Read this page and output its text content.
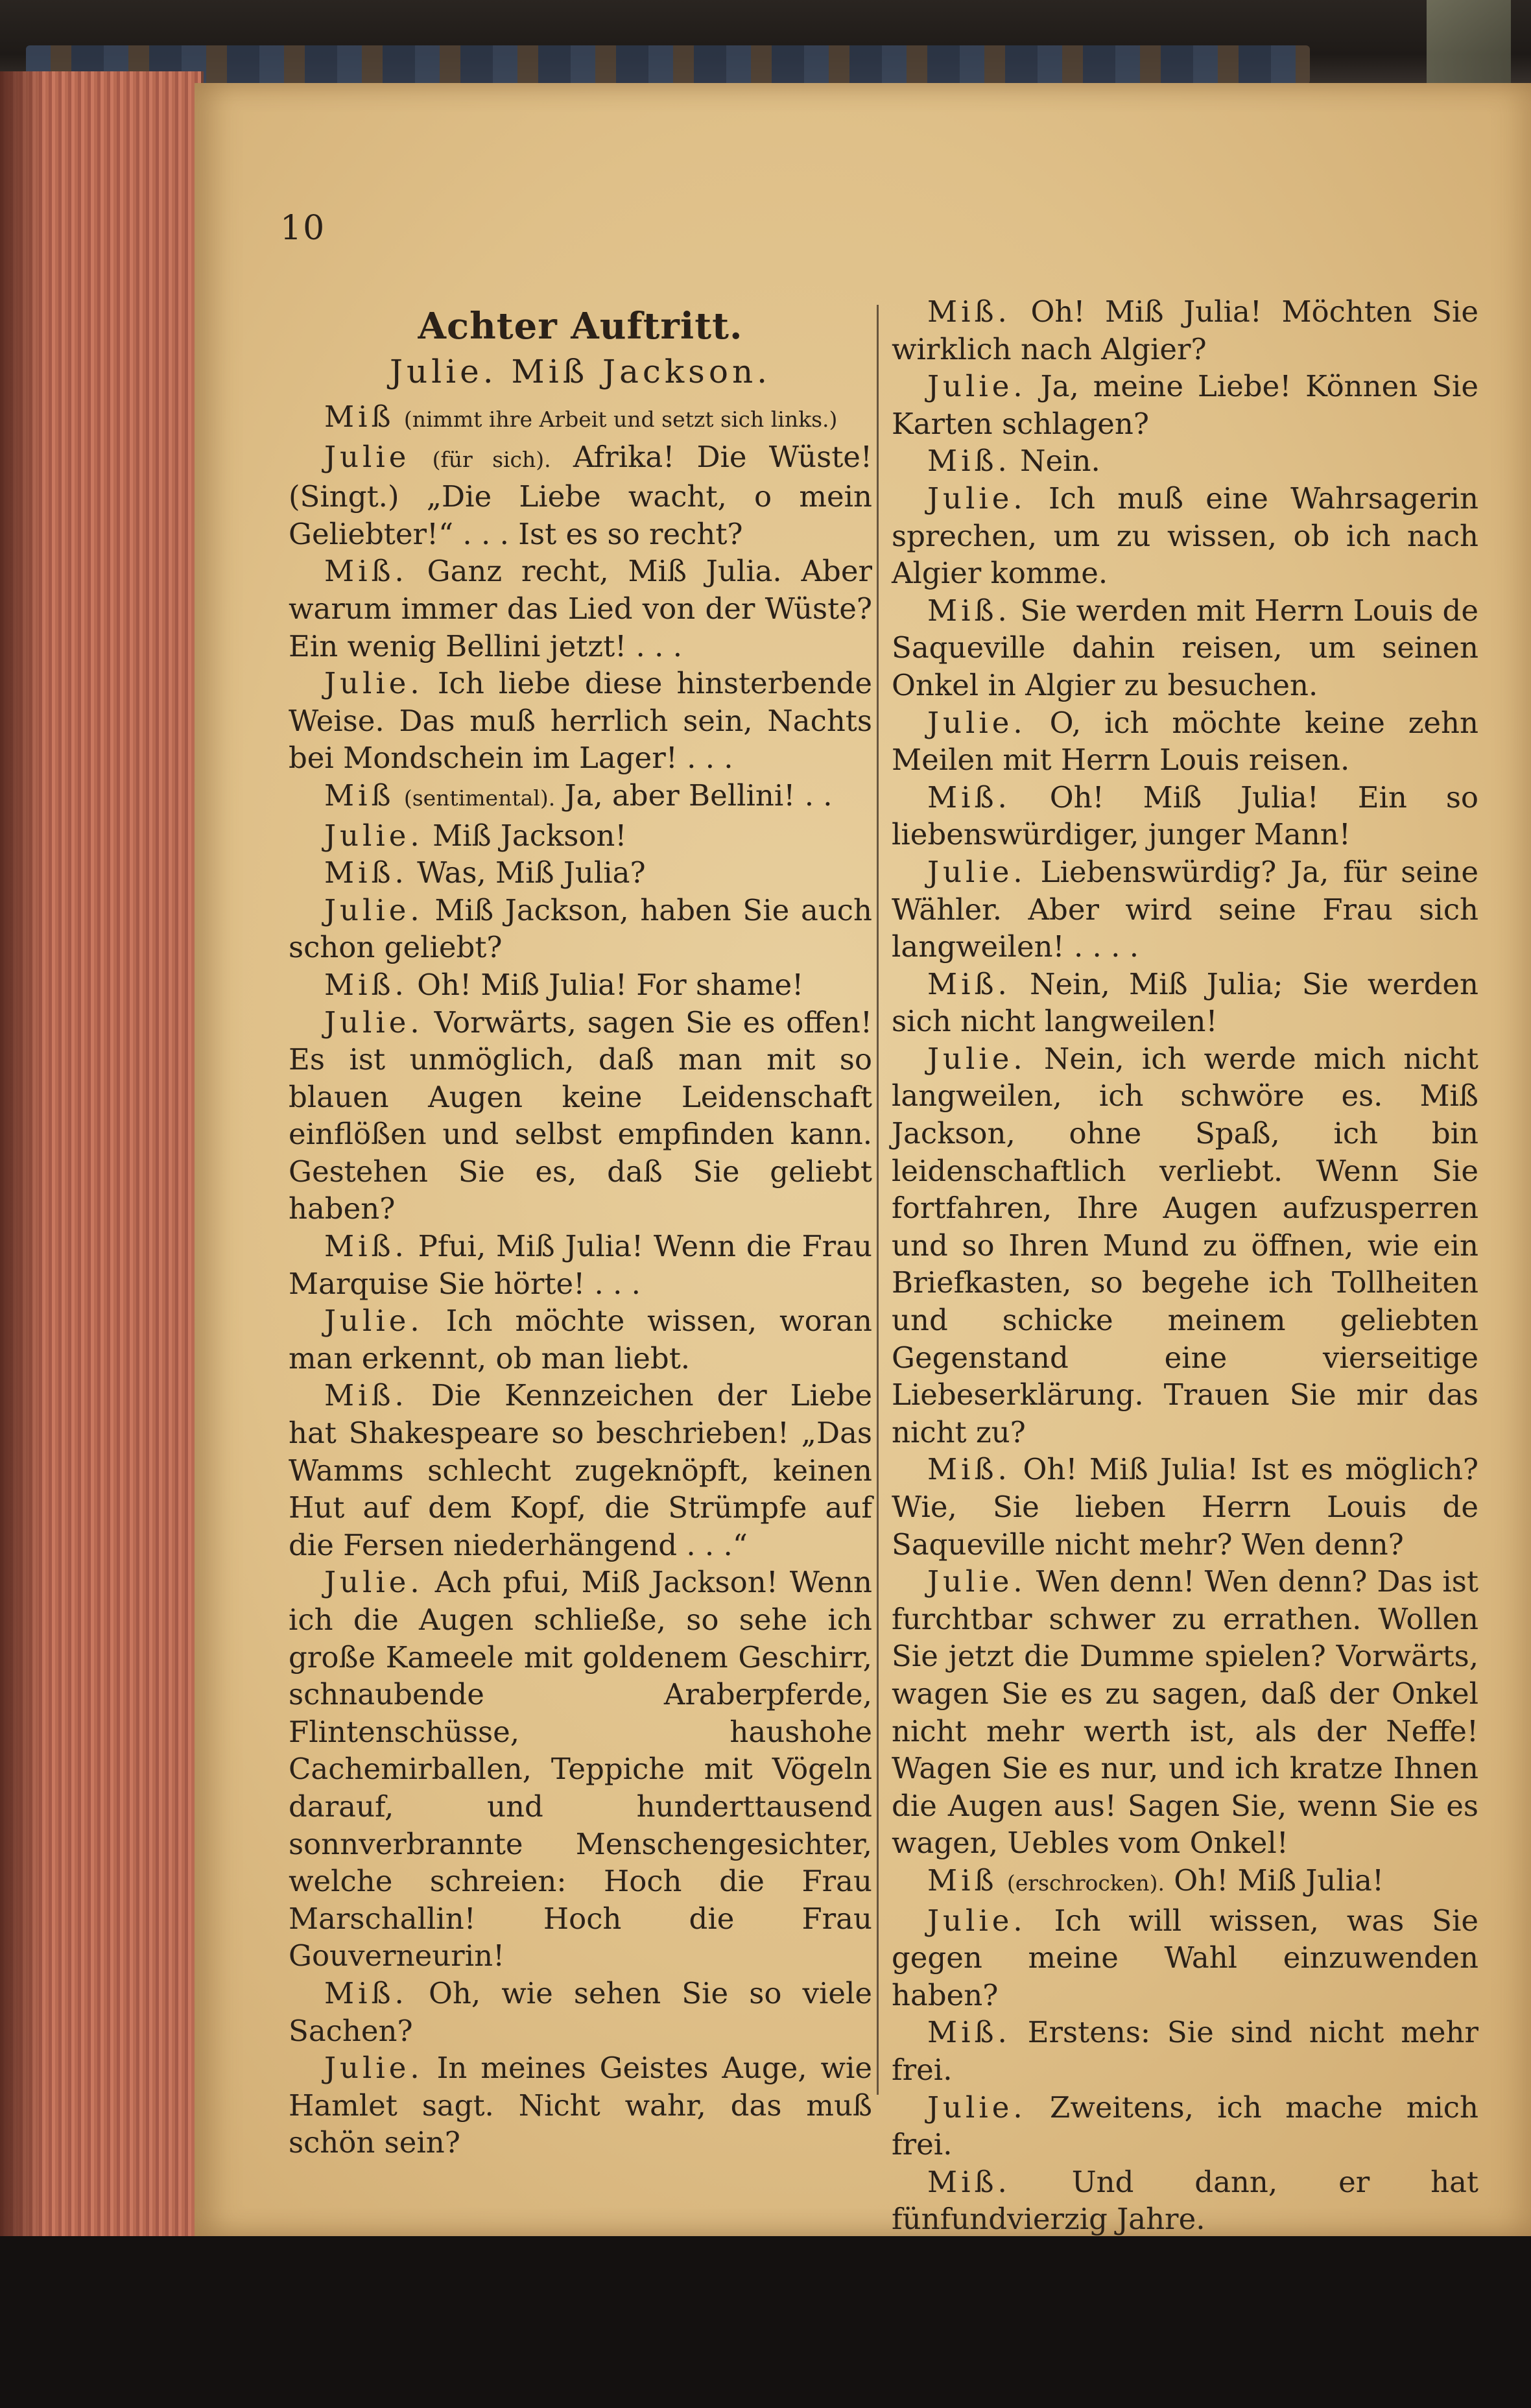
10
Achter Auftritt.
Julie. Miß Jackson.

Miß (nimmt ihre Arbeit und setzt sich links.)

Julie (für sich). Afrika! Die Wüste! (Singt.) „Die Liebe wacht, o mein Geliebter!“ . . . Ist es so recht?

Miß. Ganz recht, Miß Julia. Aber warum immer das Lied von der Wüste? Ein wenig Bellini jetzt! . . .

Julie. Ich liebe diese hinsterbende Weise. Das muß herrlich sein, Nachts bei Mondschein im Lager! . . .

Miß (sentimental). Ja, aber Bellini! . .

Julie. Miß Jackson!

Miß. Was, Miß Julia?

Julie. Miß Jackson, haben Sie auch schon geliebt?

Miß. Oh! Miß Julia! For shame!

Julie. Vorwärts, sagen Sie es offen! Es ist unmöglich, daß man mit so blauen Augen keine Leidenschaft einflößen und selbst empfinden kann. Gestehen Sie es, daß Sie geliebt haben?

Miß. Pfui, Miß Julia! Wenn die Frau Marquise Sie hörte! . . .

Julie. Ich möchte wissen, woran man erkennt, ob man liebt.

Miß. Die Kennzeichen der Liebe hat Shakespeare so beschrieben! „Das Wamms schlecht zugeknöpft, keinen Hut auf dem Kopf, die Strümpfe auf die Fersen niederhängend . . .“

Julie. Ach pfui, Miß Jackson! Wenn ich die Augen schließe, so sehe ich große Kameele mit goldenem Geschirr, schnaubende Araberpferde, Flintenschüsse, haushohe Cachemirballen, Teppiche mit Vögeln darauf, und hunderttausend sonnverbrannte Menschengesichter, welche schreien: Hoch die Frau Marschallin! Hoch die Frau Gouverneurin!

Miß. Oh, wie sehen Sie so viele Sachen?

Julie. In meines Geistes Auge, wie Hamlet sagt. Nicht wahr, das muß schön sein?

Miß. Oh! Miß Julia! Möchten Sie wirklich nach Algier?

Julie. Ja, meine Liebe! Können Sie Karten schlagen?

Miß. Nein.

Julie. Ich muß eine Wahrsagerin sprechen, um zu wissen, ob ich nach Algier komme.

Miß. Sie werden mit Herrn Louis de Saqueville dahin reisen, um seinen Onkel in Algier zu besuchen.

Julie. O, ich möchte keine zehn Meilen mit Herrn Louis reisen.

Miß. Oh! Miß Julia! Ein so liebenswürdiger, junger Mann!

Julie. Liebenswürdig? Ja, für seine Wähler. Aber wird seine Frau sich langweilen! . . . .

Miß. Nein, Miß Julia; Sie werden sich nicht langweilen!

Julie. Nein, ich werde mich nicht langweilen, ich schwöre es. Miß Jackson, ohne Spaß, ich bin leidenschaftlich verliebt. Wenn Sie fortfahren, Ihre Augen aufzusperren und so Ihren Mund zu öffnen, wie ein Briefkasten, so begehe ich Tollheiten und schicke meinem geliebten Gegenstand eine vierseitige Liebeserklärung. Trauen Sie mir das nicht zu?

Miß. Oh! Miß Julia! Ist es möglich? Wie, Sie lieben Herrn Louis de Saqueville nicht mehr? Wen denn?

Julie. Wen denn! Wen denn? Das ist furchtbar schwer zu errathen. Wollen Sie jetzt die Dumme spielen? Vorwärts, wagen Sie es zu sagen, daß der Onkel nicht mehr werth ist, als der Neffe! Wagen Sie es nur, und ich kratze Ihnen die Augen aus! Sagen Sie, wenn Sie es wagen, Uebles vom Onkel!

Miß (erschrocken). Oh! Miß Julia!

Julie. Ich will wissen, was Sie gegen meine Wahl einzuwenden haben?

Miß. Erstens: Sie sind nicht mehr frei.

Julie. Zweitens, ich mache mich frei.

Miß. Und dann, er hat fünfundvierzig Jahre.
